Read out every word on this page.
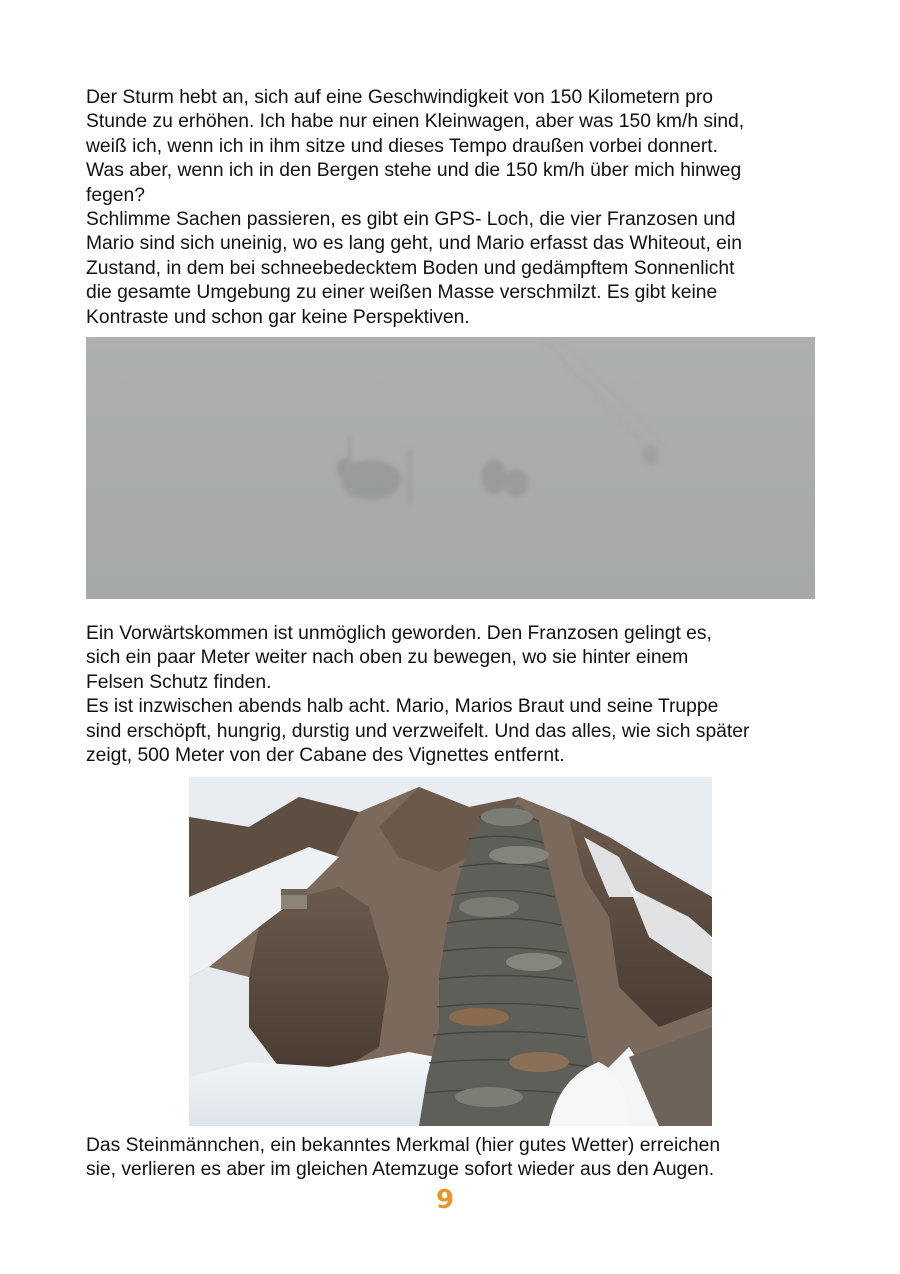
Der Sturm hebt an, sich auf eine Geschwindigkeit von 150 Kilometern pro
Stunde zu erhöhen. Ich habe nur einen Kleinwagen, aber was 150 km/h sind,
weiß ich, wenn ich in ihm sitze und dieses Tempo draußen vorbei donnert.
Was aber, wenn ich in den Bergen stehe und die 150 km/h über mich hinweg
fegen?
Schlimme Sachen passieren, es gibt ein GPS- Loch, die vier Franzosen und
Mario sind sich uneinig, wo es lang geht, und Mario erfasst das Whiteout, ein
Zustand, in dem bei schneebedecktem Boden und gedämpftem Sonnenlicht
die gesamte Umgebung zu einer weißen Masse verschmilzt. Es gibt keine
Kontraste und schon gar keine Perspektiven.
Ein Vorwärtskommen ist unmöglich geworden. Den Franzosen gelingt es,
sich ein paar Meter weiter nach oben zu bewegen, wo sie hinter einem
Felsen Schutz finden.
Es ist inzwischen abends halb acht. Mario, Marios Braut und seine Truppe
sind erschöpft, hungrig, durstig und verzweifelt. Und das alles, wie sich später
zeigt, 500 Meter von der Cabane des Vignettes entfernt.
Das Steinmännchen, ein bekanntes Merkmal (hier gutes Wetter) erreichen
sie, verlieren es aber im gleichen Atemzuge sofort wieder aus den Augen.
9
